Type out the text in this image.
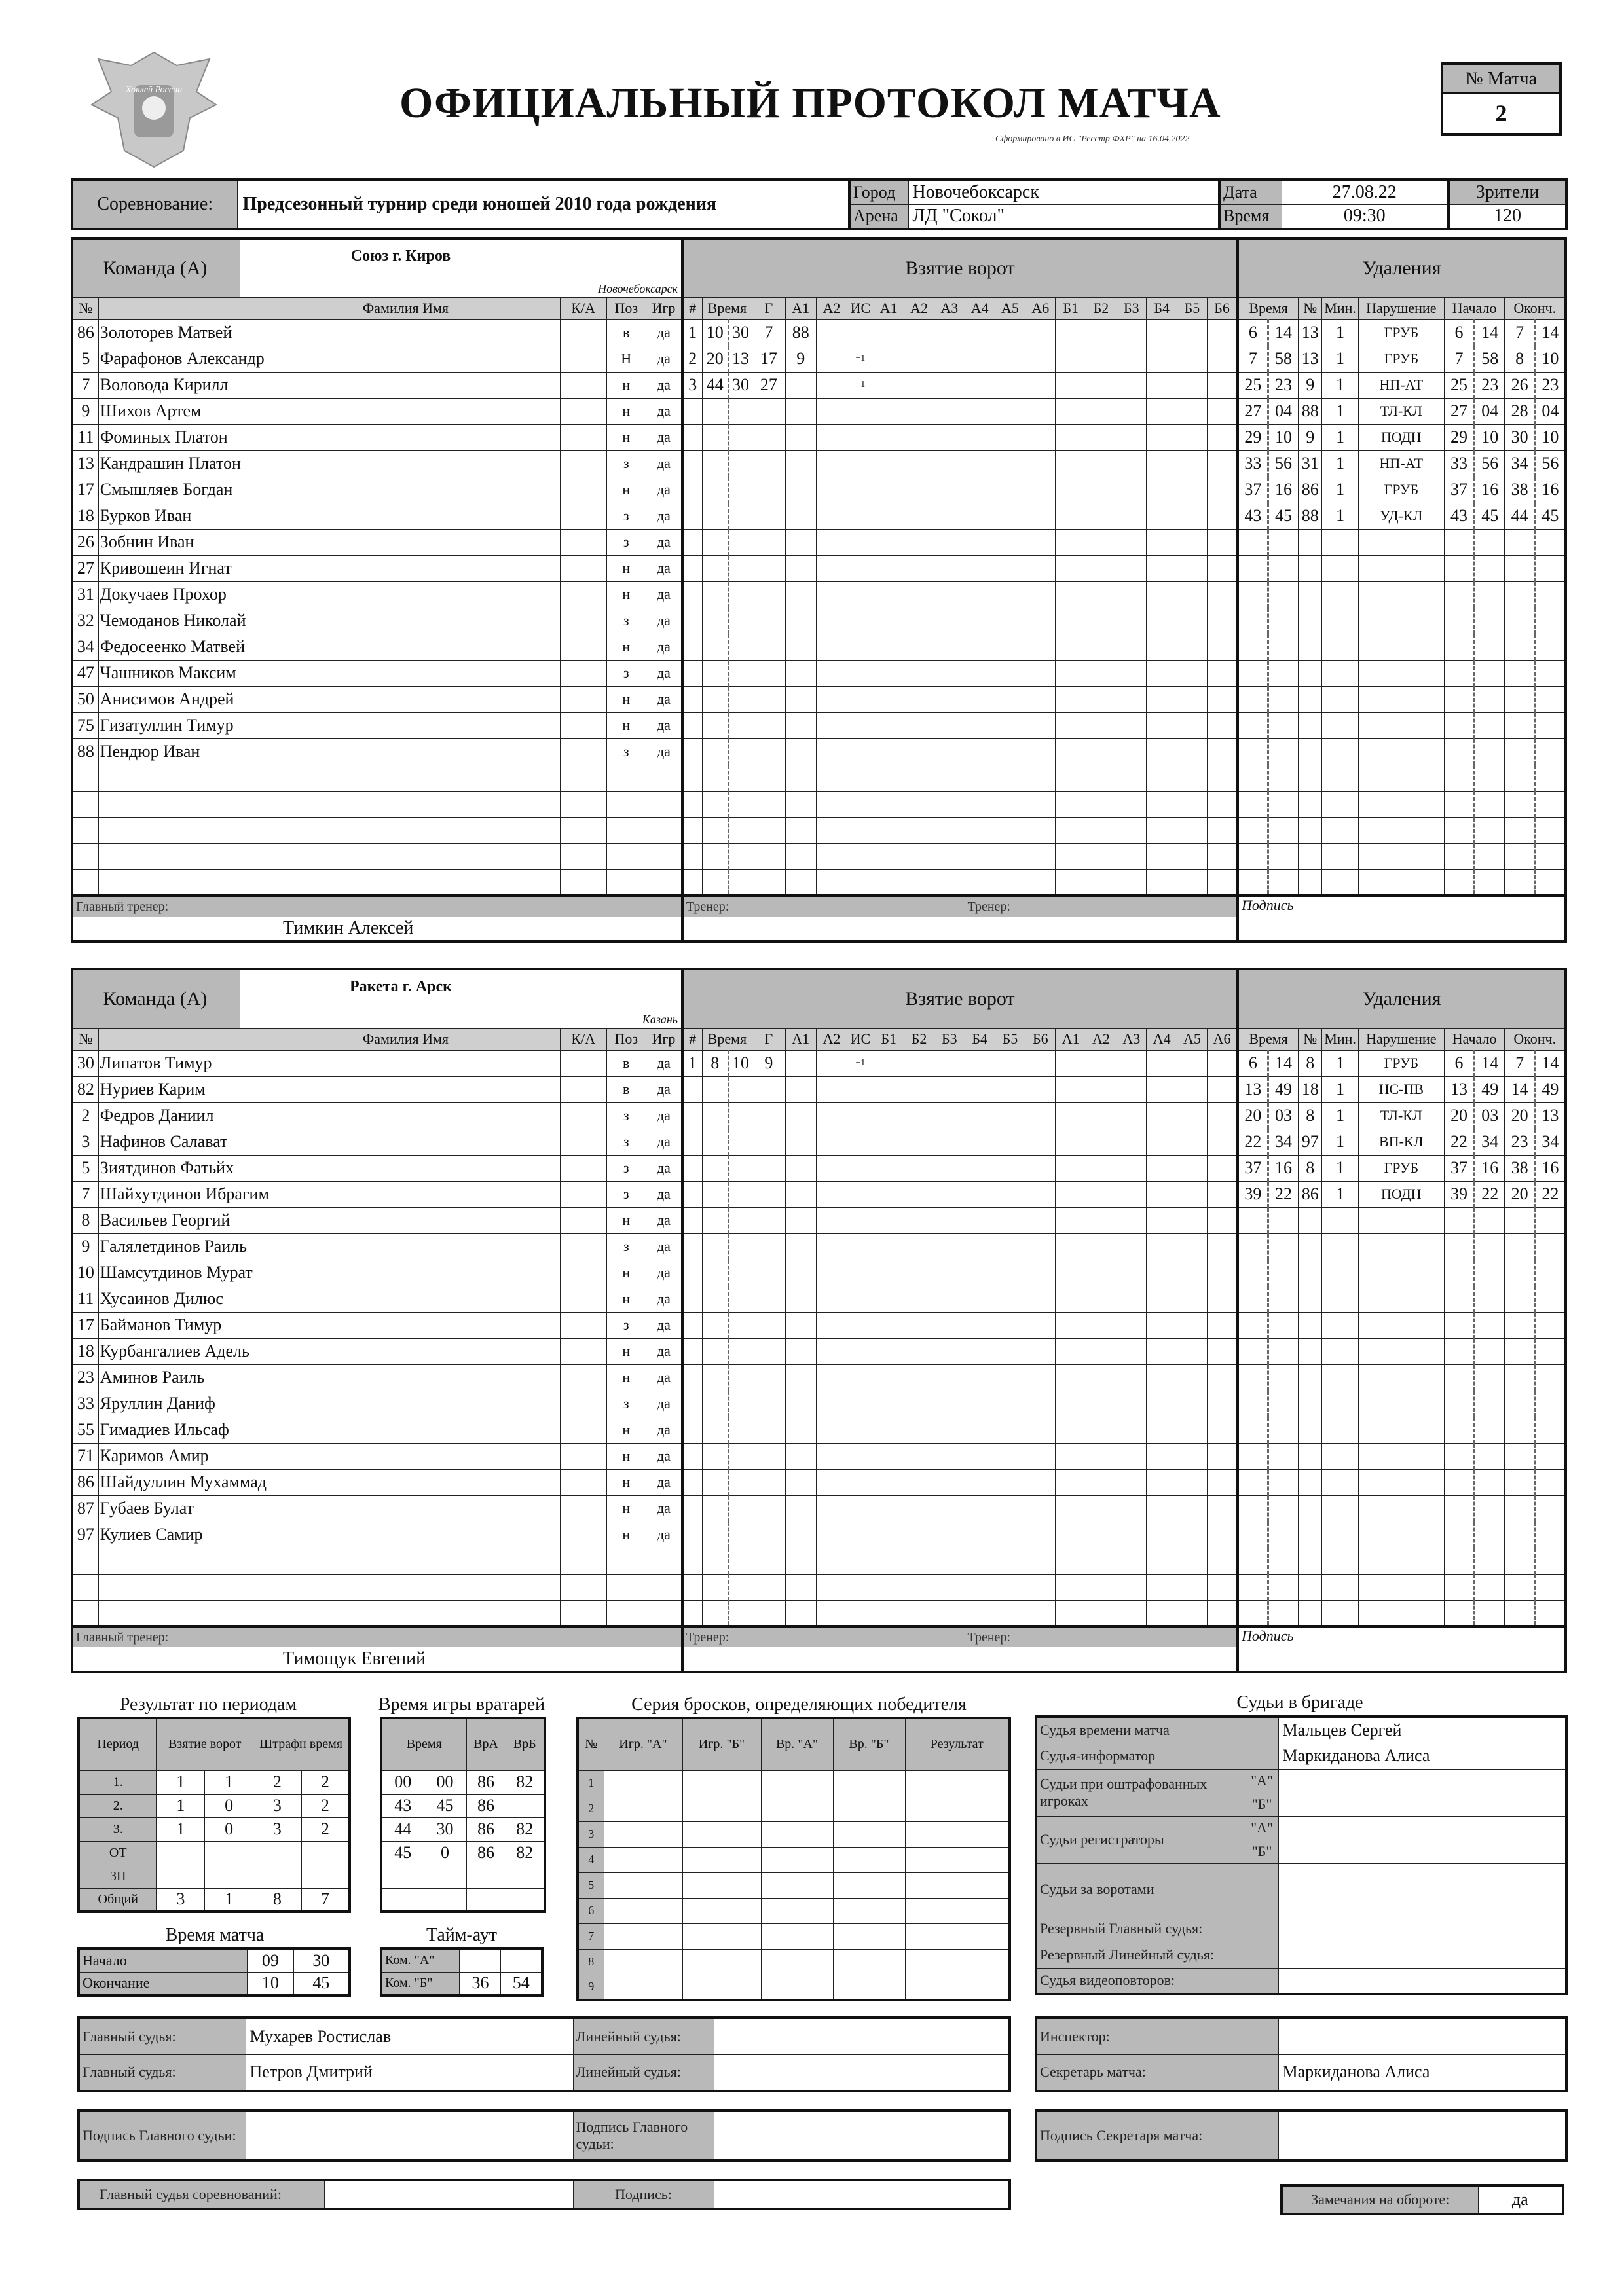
Хоккей России	ОФИЦИАЛЬНЫЙ ПРОТОКОЛ МАТЧА
Сформировано в ИС "Реестр ФХР" на 16.04.2022
№ Матча
2
Соревнование:	Предсезонный турнир среди юношей 2010 года рождения	Город	Новочебоксарск	Дата	27.08.22	Зрители
		Арена	ЛД "Сокол"	Время	09:30	120
Команда (А)
Союз г. Киров
Новочебоксарск					Взятие ворот																			Удаления								
№	Фамилия Имя	К/А	Поз	Игр	#	Время		Г	А1	А2	ИС	А1	А2	А3	А4	А5	А6	Б1	Б2	Б3	Б4	Б5	Б6	Время		№	Мин.	Нарушение	Начало		Оконч.	
86	Золоторев Матвей		в	да	1	10	30	7	88															6	14	13	1	ГРУБ	6	14	7	14
5	Фарафонов Александр		Н	да	2	20	13	17	9		+1													7	58	13	1	ГРУБ	7	58	8	10
7	Воловода Кирилл		н	да	3	44	30	27			+1													25	23	9	1	НП-АТ	25	23	26	23
9	Шихов Артем		н	да																				27	04	88	1	ТЛ-КЛ	27	04	28	04
11	Фоминых Платон		н	да																				29	10	9	1	ПОДН	29	10	30	10
13	Кандрашин Платон		з	да																				33	56	31	1	НП-АТ	33	56	34	56
17	Смышляев Богдан		н	да																				37	16	86	1	ГРУБ	37	16	38	16
18	Бурков Иван		з	да																				43	45	88	1	УД-КЛ	43	45	44	45
26	Зобнин Иван		з	да																												
27	Кривошеин Игнат		н	да																												
31	Докучаев Прохор		н	да																												
32	Чемоданов Николай		з	да																												
34	Федосеенко Матвей		н	да																												
47	Чашников Максим		з	да																												
50	Анисимов Андрей		н	да																												
75	Гизатуллин Тимур		н	да																												
88	Пендюр Иван		з	да																												

Главный тренер:
Тимкин Алексей					Тренер:										Тренер:									Подпись								
Команда (А)
Ракета г. Арск
Казань					Взятие ворот																			Удаления								
№	Фамилия Имя	К/А	Поз	Игр	#	Время		Г	А1	А2	ИС	Б1	Б2	Б3	Б4	Б5	Б6	А1	А2	А3	А4	А5	А6	Время		№	Мин.	Нарушение	Начало		Оконч.	
30	Липатов Тимур		в	да	1	8	10	9			+1													6	14	8	1	ГРУБ	6	14	7	14
82	Нуриев Карим		в	да																				13	49	18	1	НС-ПВ	13	49	14	49
2	Федров Даниил		з	да																				20	03	8	1	ТЛ-КЛ	20	03	20	13
3	Нафинов Салават		з	да																				22	34	97	1	ВП-КЛ	22	34	23	34
5	Зиятдинов Фатьйх		з	да																				37	16	8	1	ГРУБ	37	16	38	16
7	Шайхутдинов Ибрагим		з	да																				39	22	86	1	ПОДН	39	22	20	22
8	Васильев Георгий		н	да																												
9	Галялетдинов Раиль		з	да																												
10	Шамсутдинов Мурат		н	да																												
11	Хусаинов Дилюс		н	да																												
17	Байманов Тимур		з	да																												
18	Курбангалиев Адель		н	да																												
23	Аминов Раиль		н	да																												
33	Яруллин Даниф		з	да																												
55	Гимадиев Ильсаф		н	да																												
71	Каримов Амир		н	да																												
86	Шайдуллин Мухаммад		н	да																												
87	Губаев Булат		н	да																												
97	Кулиев Самир		н	да																												

Главный тренер:
Тимощук Евгений					Тренер:										Тренер:									Подпись								
Результат по периодам
Период	Взятие ворот		Штрафн время	
1.	1	1	2	2
2.	1	0	3	2
3.	1	0	3	2
ОТ				
ЗП				
Общий	3	1	8	7
Время игры вратарей
Время		ВрА	ВрБ
00	00	86	82
43	45	86	
44	30	86	82
45	0	86	82

Время матча
Начало	09	30
Окончание	10	45
Тайм-аут
Ком. "А"		
Ком. "Б"	36	54
Серия бросков, определяющих победителя
№	Игр. "А"	Игр. "Б"	Вр. "А"	Вр. "Б"	Результат
1					
2					
3					
4					
5					
6					
7					
8					
9					
Судьи в бригаде
Судья времени матча		Мальцев Сергей
Судья-информатор		Маркиданова Алиса
Судьи при оштрафованных игроках	"А"	
	"Б"	
Судьи регистраторы	"А"	
	"Б"	
Судьи за воротами		
Резервный Главный судья:		
Резервный Линейный судья:		
Судья видеоповторов:		
Главный судья:	Мухарев Ростислав	Линейный судья:	
Главный судья:	Петров Дмитрий	Линейный судья:	
Инспектор:	
Секретарь матча:	Маркиданова Алиса
Подпись Главного судьи:		Подпись Главного судьи:	
Подпись Секретаря матча:	
Главный судья соревнований:		Подпись:		Замечания на обороте:	да
